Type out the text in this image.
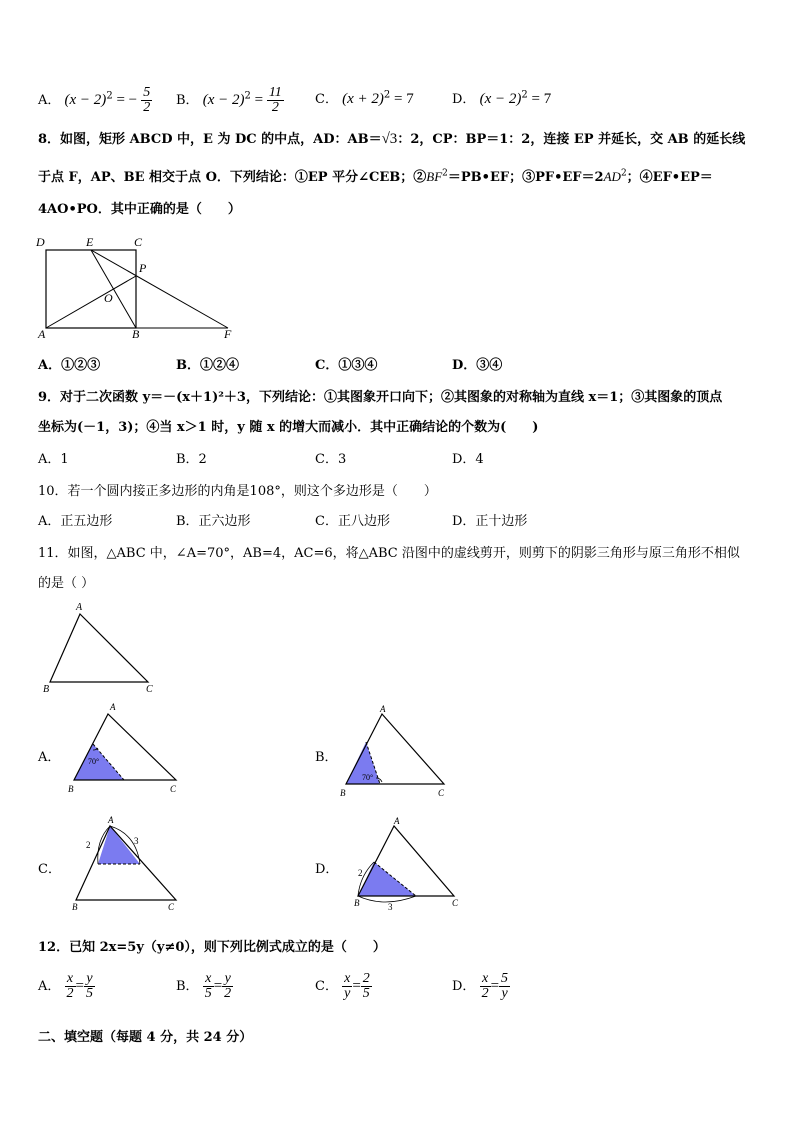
A． $(x - 2)^2$ = − $\frac{5}{2}$ B． $(x - 2)^2 = \frac{11}{2}$ C． $(x + 2)^2 = 7$	D． $(x - 2)^2 = 7$
8．如图，矩形 ABCD 中，E 为 DC 的中点，AD：AB＝√3：2，CP：BP＝1：2，连接 EP 并延长，交 AB 的延长线
于点 F，AP、BE 相交于点 O．下列结论：①EP 平分∠CEB；$②BF^2=PB•EF$；$③PF•EF=2AD^2$；④EF•EP＝
4AO•PO．其中正确的是（　　）
D	E	C
P
O
A	B	F
A．①②③	B．①②④	C．①③④	D．③④
9．对于二次函数 y＝－(x＋1)²＋3，下列结论：①其图象开口向下；②其图象的对称轴为直线 x＝1；③其图象的顶点
坐标为(－1，3)；④当 x＞1 时，y 随 x 的增大而减小．其中正确结论的个数为(　　)
A．1	B．2	C．3	D．4
10．若一个圆内接正多边形的内角是108°，则这个多边形是（　　）
A．正五边形	B．正六边形	C．正八边形	D．正十边形
11．如图，△ABC 中，∠A=70°，AB=4，AC=6，将△ABC 沿图中的虚线剪开，则剪下的阴影三角形与原三角形不相似
的是（ ）
A
B	C
A．	70°
A
B	C
B．
70°
A
B	C
C．
2	3
A
B	C
D． 2
3
A
B	C
12．已知 2x=5y（y≠0），则下列比例式成立的是（　　）
A． $\frac{x}{2} = \frac{y}{5}$	B． $\frac{x}{5} = \frac{y}{2}$	C． $\frac{x}{y} = \frac{2}{5}$	D． $\frac{x}{2} = \frac{5}{y}$
二、填空题（每题 4 分，共 24 分）
